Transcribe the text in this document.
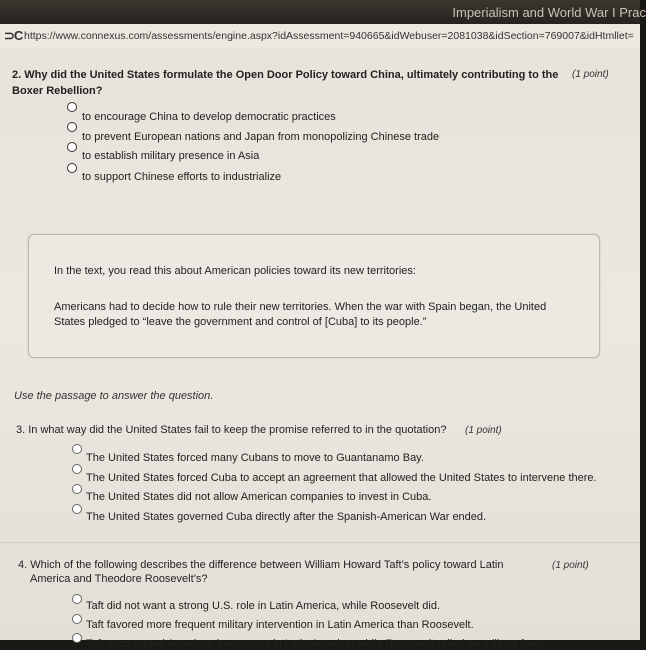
Imperialism and World War I Prac
⊃C https://www.connexus.com/assessments/engine.aspx?idAssessment=940665&idWebuser=2081038&idSection=769007&idHtmllet=
2. Why did the United States formulate the Open Door Policy toward China, ultimately contributing to the
Boxer Rebellion?
(1 point)
to encourage China to develop democratic practices
to prevent European nations and Japan from monopolizing Chinese trade
to establish military presence in Asia
to support Chinese efforts to industrialize
In the text, you read this about American policies toward its new territories:
Americans had to decide how to rule their new territories. When the war with Spain began, the United States pledged to “leave the government and control of [Cuba] to its people.”
Use the passage to answer the question.
3. In what way did the United States fail to keep the promise referred to in the quotation? (1 point)
The United States forced many Cubans to move to Guantanamo Bay.
The United States forced Cuba to accept an agreement that allowed the United States to intervene there.
The United States did not allow American companies to invest in Cuba.
The United States governed Cuba directly after the Spanish-American War ended.
4. Which of the following describes the difference between William Howard Taft’s policy toward Latin
America and Theodore Roosevelt’s?
(1 point)
Taft did not want a strong U.S. role in Latin America, while Roosevelt did.
Taft favored more frequent military intervention in Latin America than Roosevelt.
Taft encouraged American investment in Latin America, while Roosevelt relied on military force.
